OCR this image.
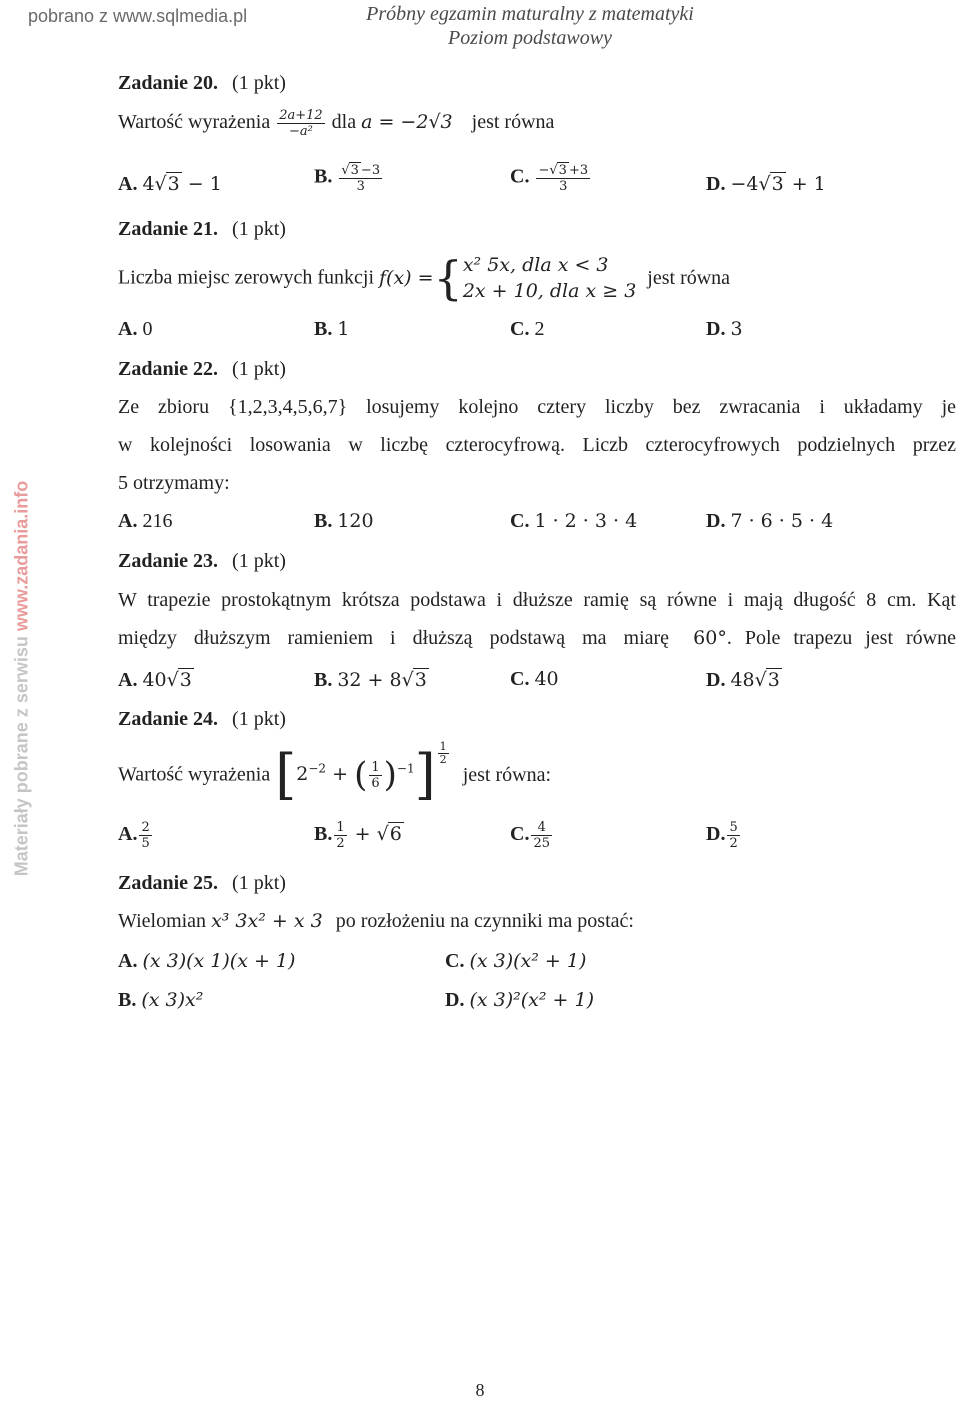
pobrano z www.sqlmedia.pl	Próbny egzamin maturalny z matematyki
Poziom podstawowy
Materiały pobrane z serwisu www.zadania.info
Zadanie 20. (1 pkt)
Wartość wyrażenia $\frac{2a+12}{\text{−a²}}$ dla a = −2√3 jest równa
A. 4√3 − 1	B. $\frac{√3 -3}{3}$	C. $\frac{-√3 +3}{3}$	D. −4√3 + 1
Zadanie 21. (1 pkt)
Liczba miejsc zerowych funkcji f(x) ={ x² 5x, dla x < 3
2x + 10, dla x ≥ 3
jest równa
A. 0	B. 1	C. 2	D. 3
Zadanie 22. (1 pkt)
Ze zbioru {1,2,3,4,5,6,7} losujemy kolejno cztery liczby bez zwracania i układamy je
w kolejności losowania w liczbę czterocyfrową. Liczb czterocyfrowych podzielnych przez
5 otrzymamy:
A. 216	B. 120	C. 1 · 2 · 3 · 4	D. 7 · 6 · 5 · 4
Zadanie 23. (1 pkt)
W trapezie prostokątnym krótsza podstawa i dłuższe ramię są równe i mają długość 8 cm. Kąt
między dłuższym ramieniem i dłuższą podstawą ma miarę 60°. Pole trapezu jest równe
A. 40√3	B. 32 + 8√3	C. 40	D. 48√3
Zadanie 24. (1 pkt)
Wartość wyrażenia [$2^{-2}$ + ( $\frac{1}{6} )^{-1}$] $^{\frac{1}{2}}$
jest równa:
A. $\frac{2}{5}$	B. $\frac{1}{2} + √6$	C. $\frac{4}{25}$	D. $\frac{5}{2}$
Zadanie 25. (1 pkt)
Wielomian x³ 3x² + x 3 po rozłożeniu na czynniki ma postać:
A. (x 3)(x 1)(x + 1)	C. (x 3)(x² + 1)
B. (x 3)x²	D. (x 3)²(x² + 1)
8
